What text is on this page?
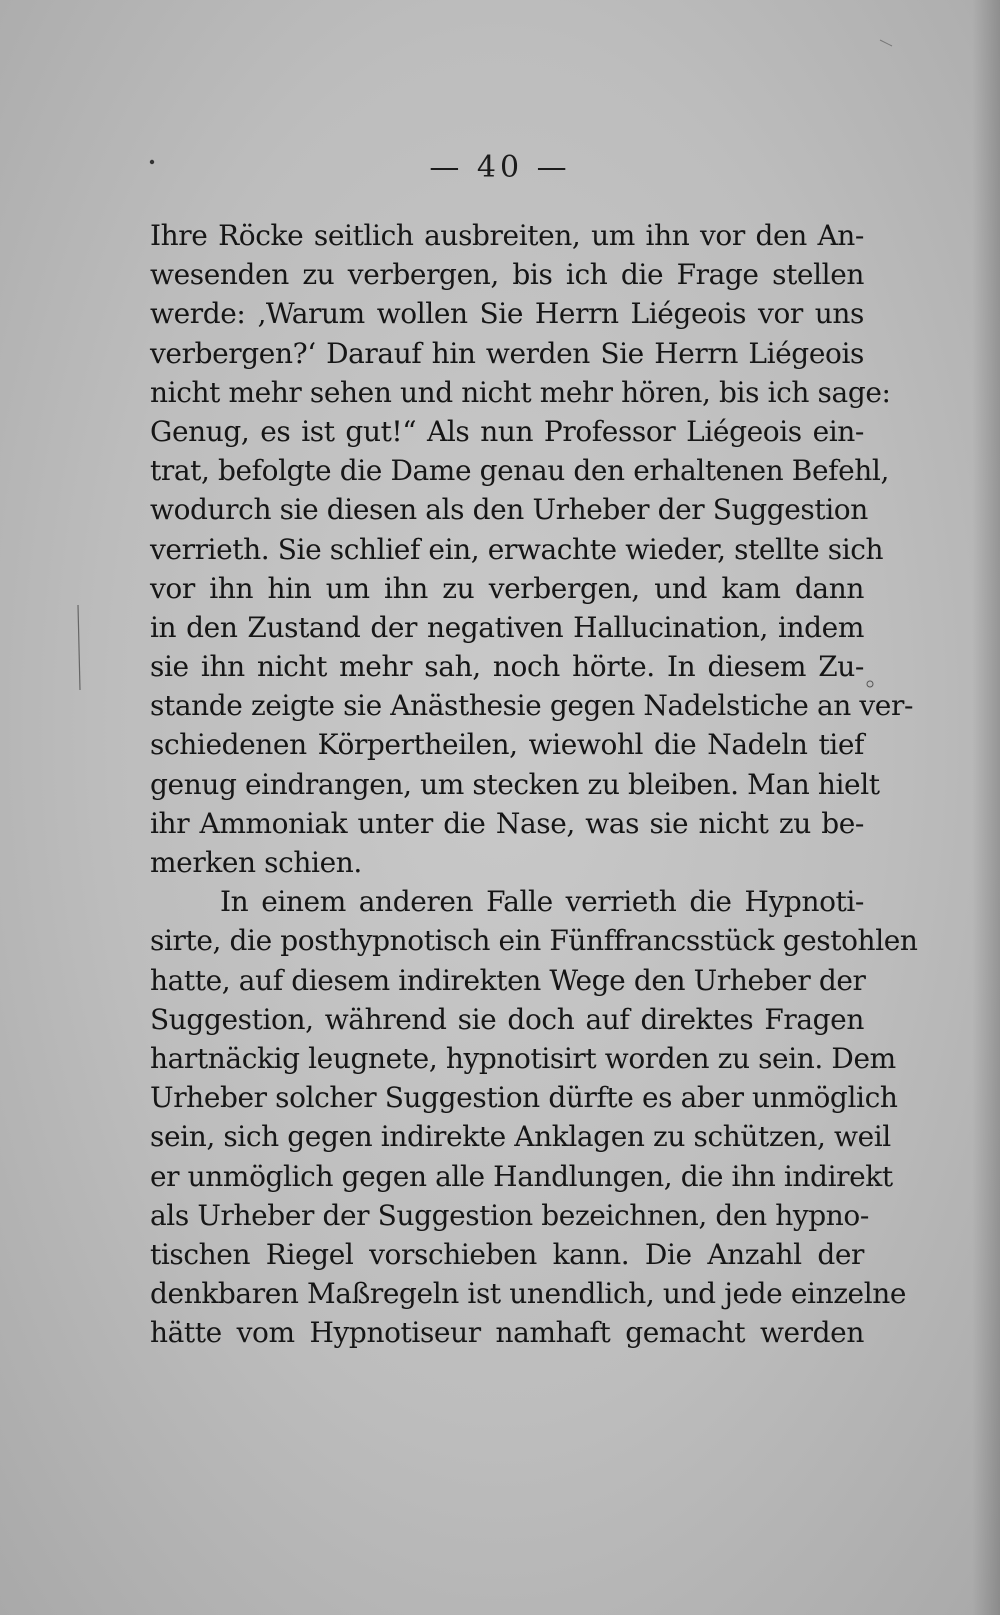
— 40 —
Ihre Röcke seitlich ausbreiten, um ihn vor den An-
wesenden zu verbergen, bis ich die Frage stellen
werde: ‚Warum wollen Sie Herrn Liégeois vor uns
verbergen?‘ Darauf hin werden Sie Herrn Liégeois
nicht mehr sehen und nicht mehr hören, bis ich sage:
Genug, es ist gut!“ Als nun Professor Liégeois ein-
trat, befolgte die Dame genau den erhaltenen Befehl,
wodurch sie diesen als den Urheber der Suggestion
verrieth. Sie schlief ein, erwachte wieder, stellte sich
vor ihn hin um ihn zu verbergen, und kam dann
in den Zustand der negativen Hallucination, indem
sie ihn nicht mehr sah, noch hörte. In diesem Zu-
stande zeigte sie Anästhesie gegen Nadelstiche an ver-
schiedenen Körpertheilen, wiewohl die Nadeln tief
genug eindrangen, um stecken zu bleiben. Man hielt
ihr Ammoniak unter die Nase, was sie nicht zu be-
merken schien.
In einem anderen Falle verrieth die Hypnoti-
sirte, die posthypnotisch ein Fünffrancsstück gestohlen
hatte, auf diesem indirekten Wege den Urheber der
Suggestion, während sie doch auf direktes Fragen
hartnäckig leugnete, hypnotisirt worden zu sein. Dem
Urheber solcher Suggestion dürfte es aber unmöglich
sein, sich gegen indirekte Anklagen zu schützen, weil
er unmöglich gegen alle Handlungen, die ihn indirekt
als Urheber der Suggestion bezeichnen, den hypno-
tischen Riegel vorschieben kann. Die Anzahl der
denkbaren Maßregeln ist unendlich, und jede einzelne
hätte vom Hypnotiseur namhaft gemacht werden
